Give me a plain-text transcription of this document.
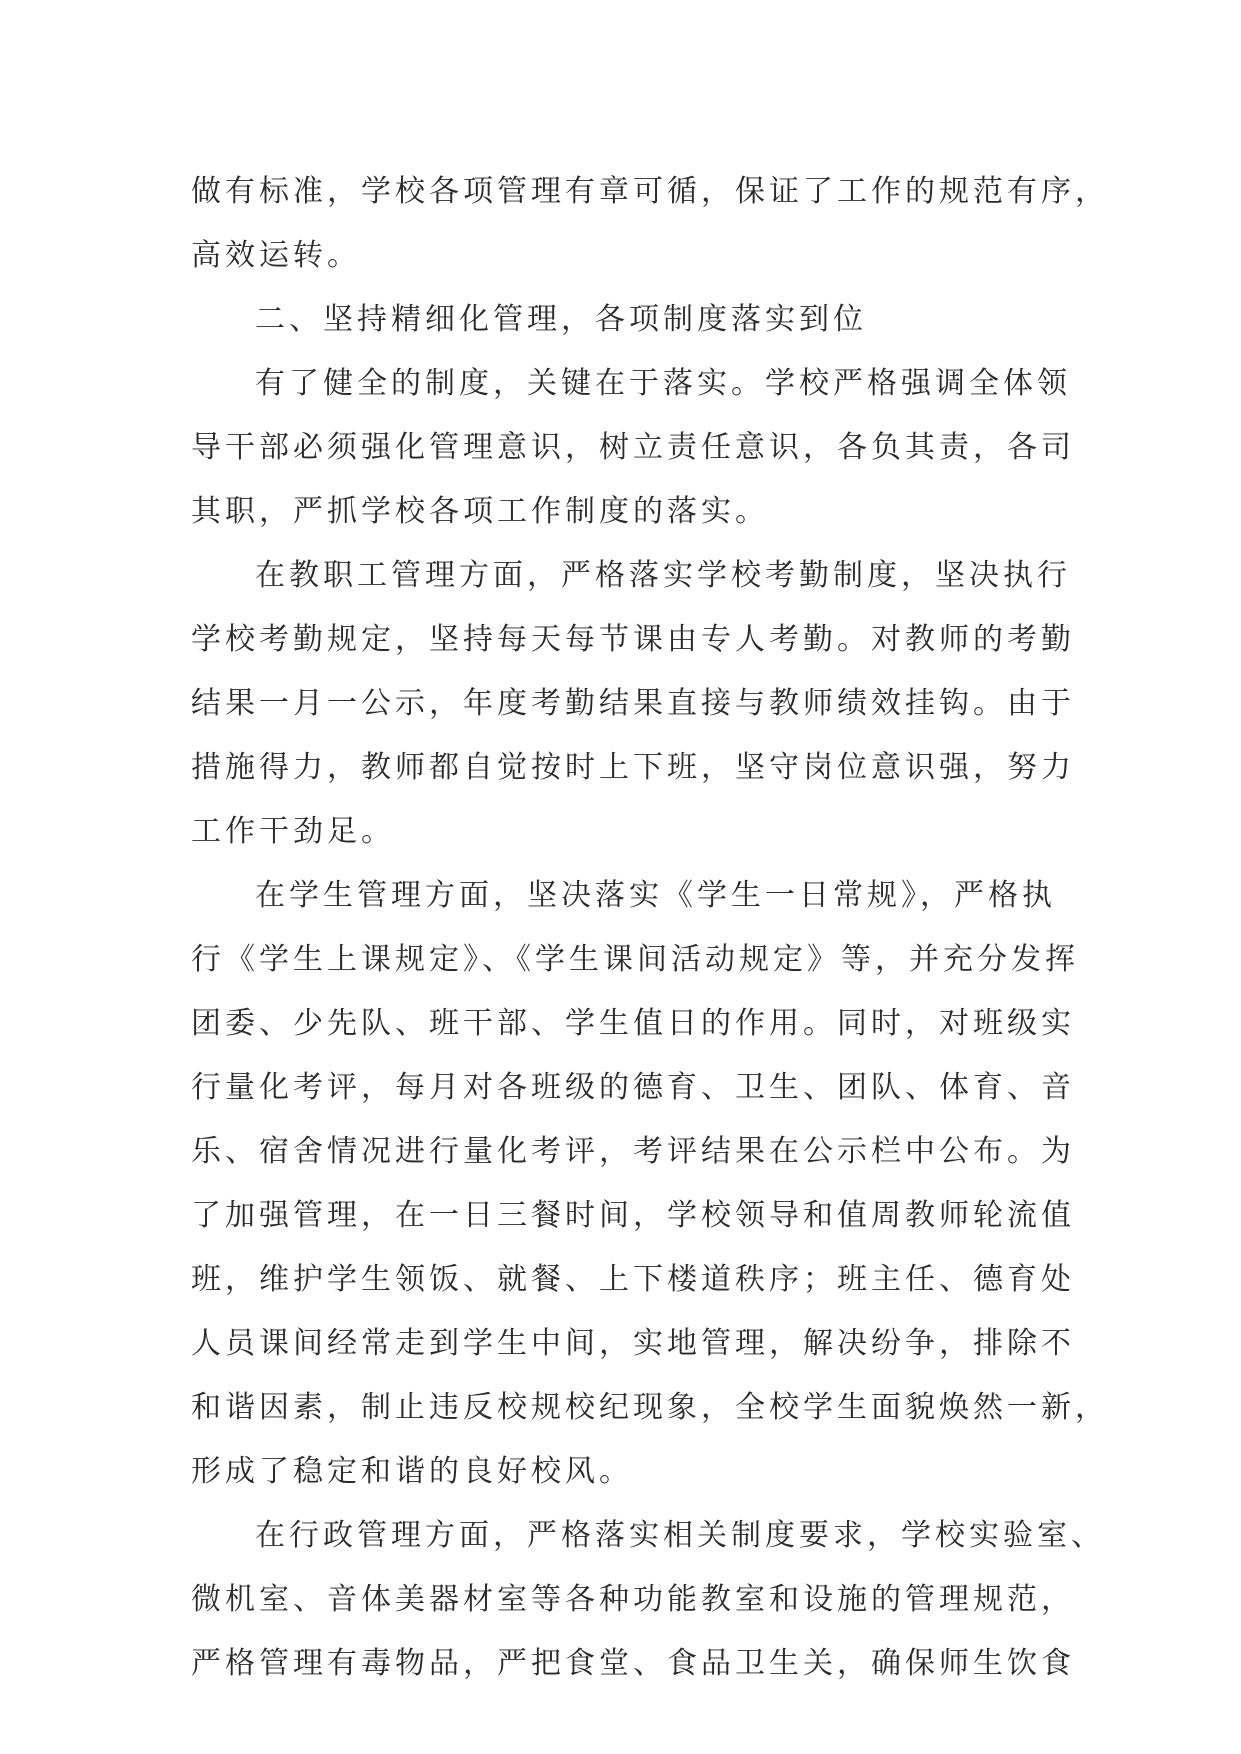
做有标准，学校各项管理有章可循，保证了工作的规范有序，

高效运转。

二、坚持精细化管理，各项制度落实到位

有了健全的制度，关键在于落实。学校严格强调全体领

导干部必须强化管理意识，树立责任意识，各负其责，各司

其职，严抓学校各项工作制度的落实。

在教职工管理方面，严格落实学校考勤制度，坚决执行

学校考勤规定，坚持每天每节课由专人考勤。对教师的考勤

结果一月一公示，年度考勤结果直接与教师绩效挂钩。由于

措施得力，教师都自觉按时上下班，坚守岗位意识强，努力

工作干劲足。

在学生管理方面，坚决落实《学生一日常规》，严格执

行《学生上课规定》、《学生课间活动规定》等，并充分发挥

团委、少先队、班干部、学生值日的作用。同时，对班级实

行量化考评，每月对各班级的德育、卫生、团队、体育、音

乐、宿舍情况进行量化考评，考评结果在公示栏中公布。为

了加强管理，在一日三餐时间，学校领导和值周教师轮流值

班，维护学生领饭、就餐、上下楼道秩序；班主任、德育处

人员课间经常走到学生中间，实地管理，解决纷争，排除不

和谐因素，制止违反校规校纪现象，全校学生面貌焕然一新，

形成了稳定和谐的良好校风。

在行政管理方面，严格落实相关制度要求，学校实验室、

微机室、音体美器材室等各种功能教室和设施的管理规范，

严格管理有毒物品，严把食堂、食品卫生关，确保师生饮食
